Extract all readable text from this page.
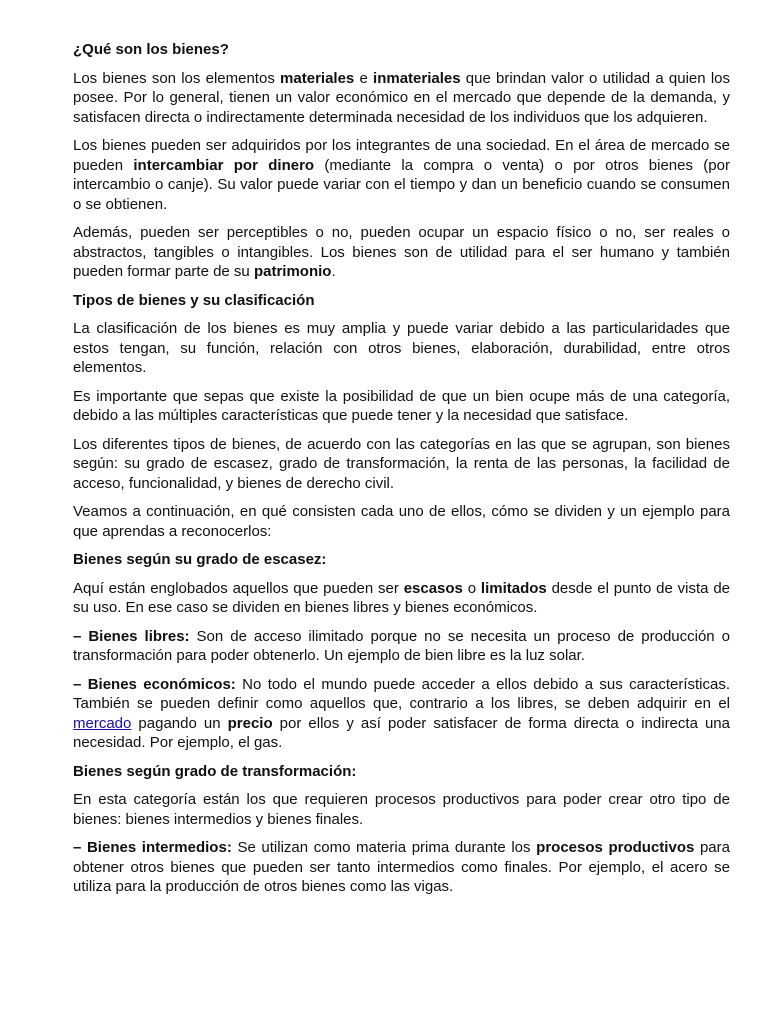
¿Qué son los bienes?

Los bienes son los elementos materiales e inmateriales que brindan valor o utilidad a quien los posee. Por lo general, tienen un valor económico en el mercado que depende de la demanda, y satisfacen directa o indirectamente determinada necesidad de los individuos que los adquieren.

Los bienes pueden ser adquiridos por los integrantes de una sociedad. En el área de mercado se pueden intercambiar por dinero (mediante la compra o venta) o por otros bienes (por intercambio o canje). Su valor puede variar con el tiempo y dan un beneficio cuando se consumen o se obtienen.

Además, pueden ser perceptibles o no, pueden ocupar un espacio físico o no, ser reales o abstractos, tangibles o intangibles. Los bienes son de utilidad para el ser humano y también pueden formar parte de su patrimonio.

Tipos de bienes y su clasificación

La clasificación de los bienes es muy amplia y puede variar debido a las particularidades que estos tengan, su función, relación con otros bienes, elaboración, durabilidad, entre otros elementos.

Es importante que sepas que existe la posibilidad de que un bien ocupe más de una categoría, debido a las múltiples características que puede tener y la necesidad que satisface.

Los diferentes tipos de bienes, de acuerdo con las categorías en las que se agrupan, son bienes según: su grado de escasez, grado de transformación, la renta de las personas, la facilidad de acceso, funcionalidad, y bienes de derecho civil.

Veamos a continuación, en qué consisten cada uno de ellos, cómo se dividen y un ejemplo para que aprendas a reconocerlos:

Bienes según su grado de escasez:

Aquí están englobados aquellos que pueden ser escasos o limitados desde el punto de vista de su uso. En ese caso se dividen en bienes libres y bienes económicos.

– Bienes libres: Son de acceso ilimitado porque no se necesita un proceso de producción o transformación para poder obtenerlo. Un ejemplo de bien libre es la luz solar.

– Bienes económicos: No todo el mundo puede acceder a ellos debido a sus características. También se pueden definir como aquellos que, contrario a los libres, se deben adquirir en el mercado pagando un precio por ellos y así poder satisfacer de forma directa o indirecta una necesidad. Por ejemplo, el gas.

Bienes según grado de transformación:

En esta categoría están los que requieren procesos productivos para poder crear otro tipo de bienes: bienes intermedios y bienes finales.

– Bienes intermedios: Se utilizan como materia prima durante los procesos productivos para obtener otros bienes que pueden ser tanto intermedios como finales. Por ejemplo, el acero se utiliza para la producción de otros bienes como las vigas.
